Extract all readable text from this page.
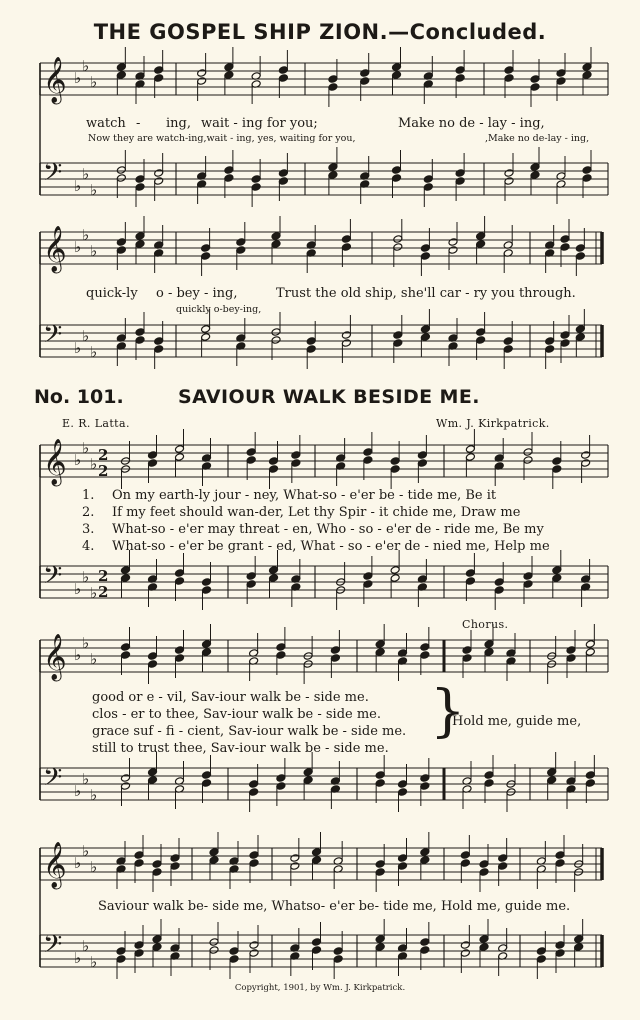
𝄞 ♭
♭
♭
𝄢 ♭
♭
♭
𝄞 ♭
♭
♭
𝄢 ♭
♭
♭
𝄞 ♭
♭
♭ 2
2
𝄢 ♭
♭
♭
2
2
𝄞 ♭
♭
♭
𝄢 ♭
♭
♭
𝄞 ♭
♭
♭
𝄢 ♭
♭
♭
THE GOSPEL SHIP ZION.—Concluded.
watch - ing, wait - ing for you;	Make no de - lay - ing,
Now they are watch-ing,wait - ing, yes, waiting for you,	,Make no de-lay - ing,
quick-ly o - bey - ing,	Trust the old ship, she'll car - ry you through.
quickly o-bey-ing,
No. 101.	SAVIOUR WALK BESIDE ME.
E. R. Latta.	Wm. J. Kirkpatrick.
1. On my earth-ly jour - ney, What-so - e'er be - tide me, Be it
2. If my feet should wan-der, Let thy Spir - it chide me, Draw me
3. What-so - e'er may threat - en, Who - so - e'er de - ride me, Be my
4. What-so - e'er be grant - ed, What - so - e'er de - nied me, Help me
good or e - vil, Sav-iour walk be - side me.
clos - er to thee, Sav-iour walk be - side me.
grace suf - fi - cient, Sav-iour walk be - side me.
still to trust thee, Sav-iour walk be - side me.
}
Hold me, guide me,
Chorus.
Saviour walk be- side me, Whatso- e'er be- tide me, Hold me, guide me.
Copyright, 1901, by Wm. J. Kirkpatrick.
